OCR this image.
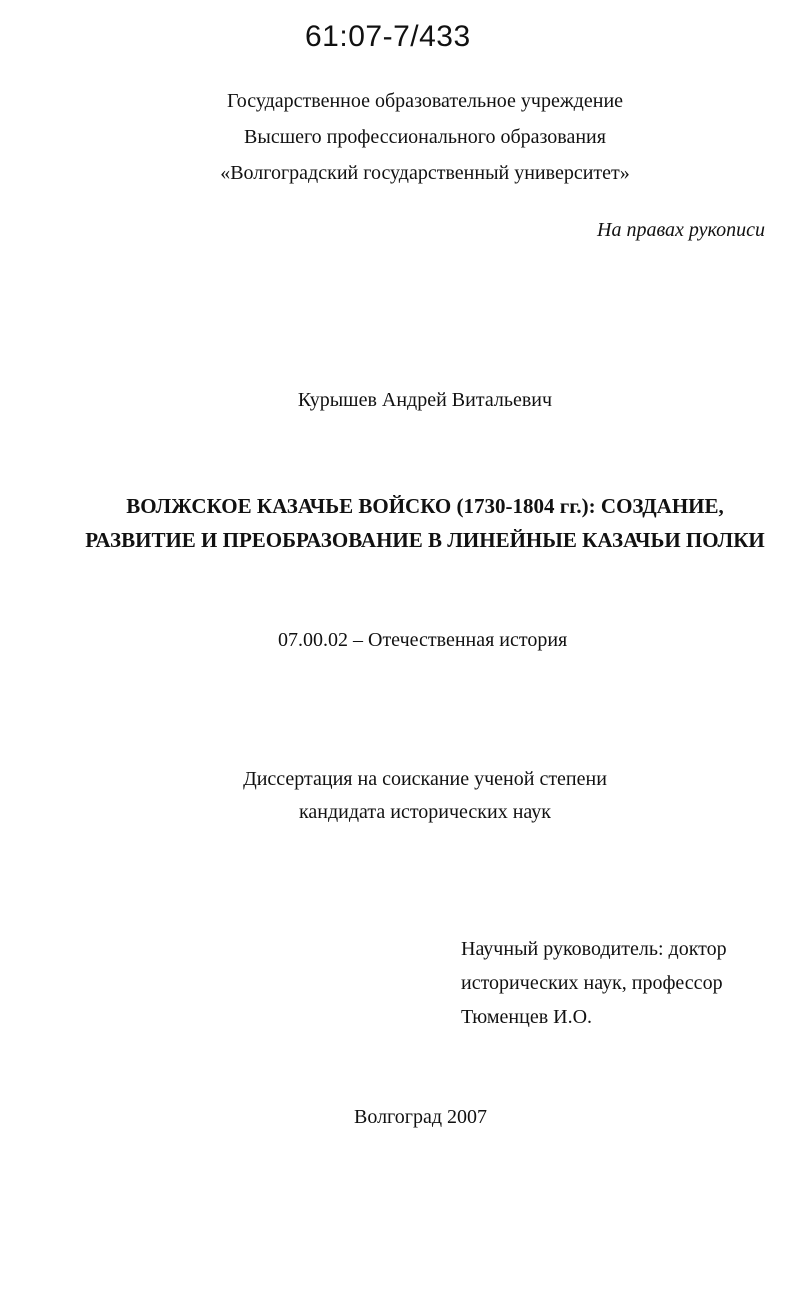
61:07-7/433
Государственное образовательное учреждение
Высшего профессионального образования
«Волгоградский государственный университет»
На правах рукописи
Курышев Андрей Витальевич
ВОЛЖСКОЕ КАЗАЧЬЕ ВОЙСКО (1730-1804 гг.): СОЗДАНИЕ,
РАЗВИТИЕ И ПРЕОБРАЗОВАНИЕ В ЛИНЕЙНЫЕ КАЗАЧЬИ ПОЛКИ
07.00.02 – Отечественная история
Диссертация на соискание ученой степени
кандидата исторических наук
Научный руководитель: доктор
исторических наук, профессор
Тюменцев И.О.
Волгоград 2007
